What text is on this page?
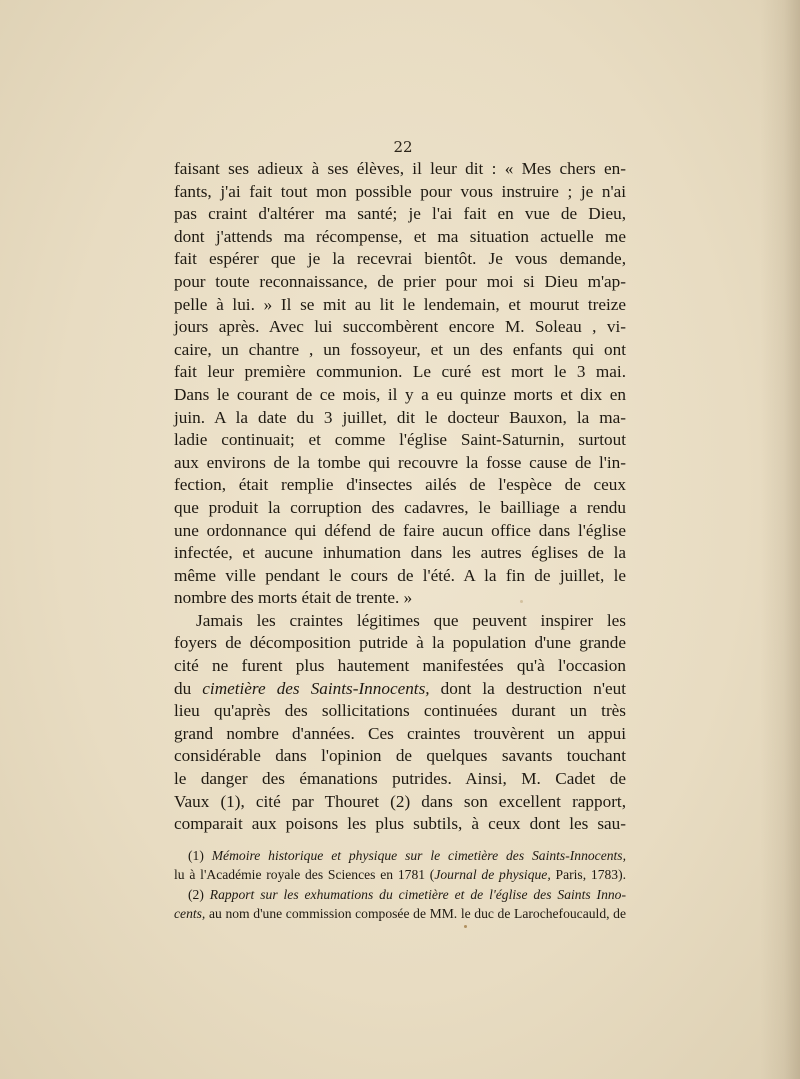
22
faisant ses adieux à ses élèves, il leur dit : « Mes chers en-
fants, j'ai fait tout mon possible pour vous instruire ; je n'ai
pas craint d'altérer ma santé; je l'ai fait en vue de Dieu,
dont j'attends ma récompense, et ma situation actuelle me
fait espérer que je la recevrai bientôt. Je vous demande,
pour toute reconnaissance, de prier pour moi si Dieu m'ap-
pelle à lui. » Il se mit au lit le lendemain, et mourut treize
jours après. Avec lui succombèrent encore M. Soleau , vi-
caire, un chantre , un fossoyeur, et un des enfants qui ont
fait leur première communion. Le curé est mort le 3 mai.
Dans le courant de ce mois, il y a eu quinze morts et dix en
juin. A la date du 3 juillet, dit le docteur Bauxon, la ma-
ladie continuait; et comme l'église Saint-Saturnin, surtout
aux environs de la tombe qui recouvre la fosse cause de l'in-
fection, était remplie d'insectes ailés de l'espèce de ceux
que produit la corruption des cadavres, le bailliage a rendu
une ordonnance qui défend de faire aucun office dans l'église
infectée, et aucune inhumation dans les autres églises de la
même ville pendant le cours de l'été. A la fin de juillet, le
nombre des morts était de trente. »
Jamais les craintes légitimes que peuvent inspirer les
foyers de décomposition putride à la population d'une grande
cité ne furent plus hautement manifestées qu'à l'occasion
du cimetière des Saints-Innocents, dont la destruction n'eut
lieu qu'après des sollicitations continuées durant un très
grand nombre d'années. Ces craintes trouvèrent un appui
considérable dans l'opinion de quelques savants touchant
le danger des émanations putrides. Ainsi, M. Cadet de
Vaux (1), cité par Thouret (2) dans son excellent rapport,
comparait aux poisons les plus subtils, à ceux dont les sau-
(1) Mémoire historique et physique sur le cimetière des Saints-Innocents,
lu à l'Académie royale des Sciences en 1781 (Journal de physique, Paris, 1783).
(2) Rapport sur les exhumations du cimetière et de l'église des Saints Inno-
cents, au nom d'une commission composée de MM. le duc de Larochefoucauld, de
